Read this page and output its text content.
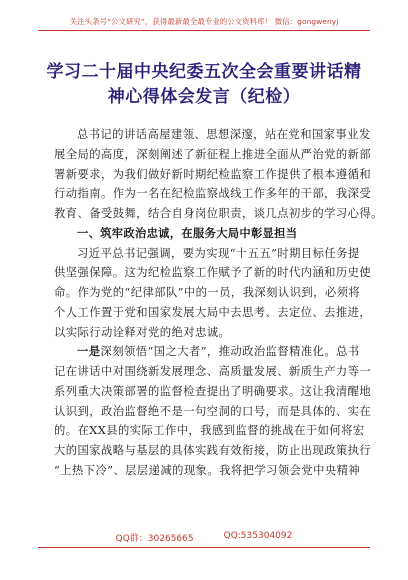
关注头条号“公文研究”，获得最新最全最专业的公文资料库！ 微信：gongwenyj
学习二十届中央纪委五次全会重要讲话精
神心得体会发言（纪检）
总书记的讲话高屋建瓴、思想深邃，站在党和国家事业发
展全局的高度，深刻阐述了新征程上推进全面从严治党的新部
署新要求，为我们做好新时期纪检监察工作提供了根本遵循和
行动指南。作为一名在纪检监察战线工作多年的干部，我深受
教育、备受鼓舞，结合自身岗位职责，谈几点初步的学习心得。
一、筑牢政治忠诚，在服务大局中彰显担当
习近平总书记强调，要为实现“十五五”时期目标任务提
供坚强保障。这为纪检监察工作赋予了新的时代内涵和历史使
命。作为党的“纪律部队”中的一员，我深刻认识到，必须将
个人工作置于党和国家发展大局中去思考、去定位、去推进，
以实际行动诠释对党的绝对忠诚。
一是深刻领悟“国之大者”，推动政治监督精准化。总书
记在讲话中对围绕新发展理念、高质量发展、新质生产力等一
系列重大决策部署的监督检查提出了明确要求。这让我清醒地
认识到，政治监督绝不是一句空洞的口号，而是具体的、实在
的。在XX县的实际工作中，我感到监督的挑战在于如何将宏
大的国家战略与基层的具体实践有效衔接，防止出现政策执行
“上热下冷”、层层递减的现象。我将把学习领会党中央精神
QQ群：30265665	QQ:535304092
